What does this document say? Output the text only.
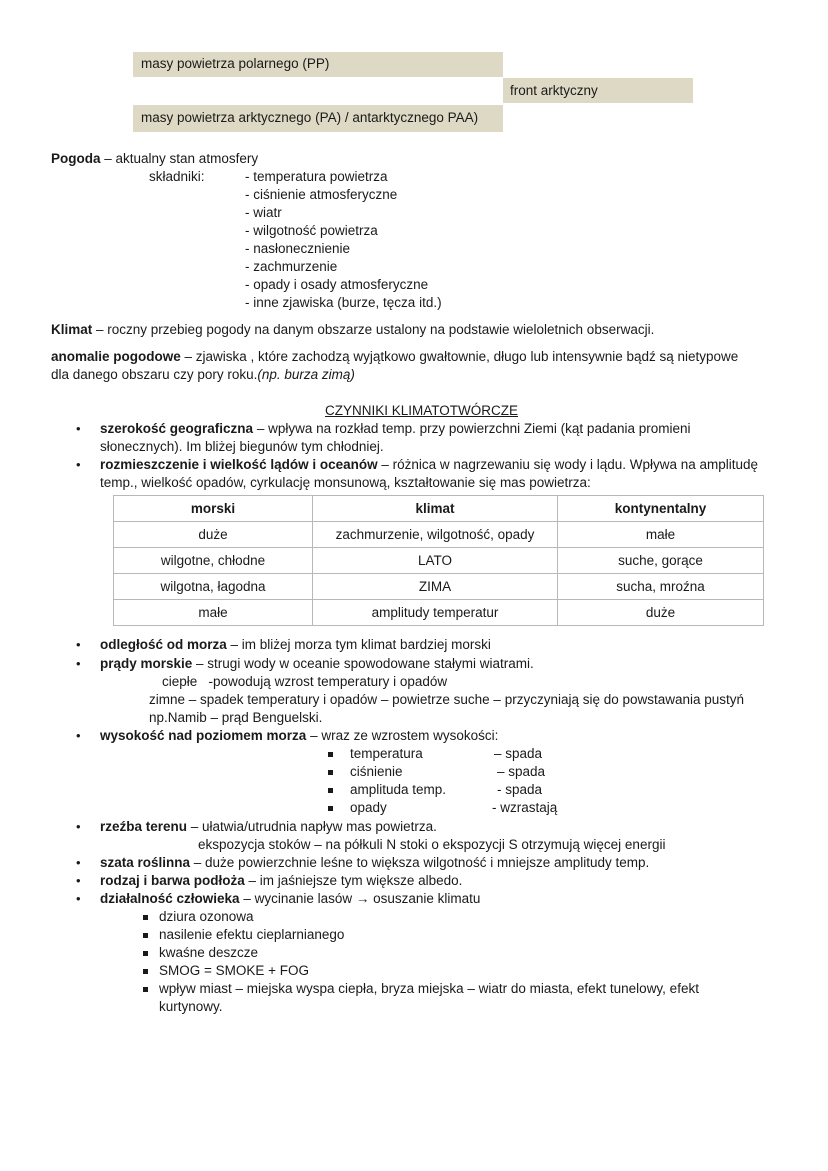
masy powietrza polarnego (PP)
front arktyczny
masy powietrza arktycznego (PA) / antarktycznego PAA)
Pogoda – aktualny stan atmosfery
składniki:	- temperatura powietrza
- ciśnienie atmosferyczne
- wiatr
- wilgotność powietrza
- nasłonecznienie
- zachmurzenie
- opady i osady atmosferyczne
- inne zjawiska (burze, tęcza itd.)
Klimat – roczny przebieg pogody na danym obszarze ustalony na podstawie wieloletnich obserwacji.
anomalie pogodowe – zjawiska , które zachodzą wyjątkowo gwałtownie, długo lub intensywnie bądź są nietypowe
dla danego obszaru czy pory roku.(np. burza zimą)
CZYNNIKI KLIMATOTWÓRCZE
• szerokość geograficzna – wpływa na rozkład temp. przy powierzchni Ziemi (kąt padania promieni
słonecznych). Im bliżej biegunów tym chłodniej.
• rozmieszczenie i wielkość lądów i oceanów – różnica w nagrzewaniu się wody i lądu. Wpływa na amplitudę
temp., wielkość opadów, cyrkulację monsunową, kształtowanie się mas powietrza:
morski	klimat	kontynentalny
duże	zachmurzenie, wilgotność, opady	małe
wilgotne, chłodne	LATO	suche, gorące
wilgotna, łagodna	ZIMA	sucha, mroźna
małe	amplitudy temperatur	duże
• odległość od morza – im bliżej morza tym klimat bardziej morski
• prądy morskie – strugi wody w oceanie spowodowane stałymi wiatrami.
ciepłe   -powodują wzrost temperatury i opadów
zimne – spadek temperatury i opadów – powietrze suche – przyczyniają się do powstawania pustyń
np.Namib – prąd Benguelski.
• wysokość nad poziomem morza – wraz ze wzrostem wysokości:
temperatura	– spada
ciśnienie	– spada
amplituda temp.	- spada
opady	- wzrastają
• rzeźba terenu – ułatwia/utrudnia napływ mas powietrza.
ekspozycja stoków – na półkuli N stoki o ekspozycji S otrzymują więcej energii
• szata roślinna – duże powierzchnie leśne to większa wilgotność i mniejsze amplitudy temp.
• rodzaj i barwa podłoża – im jaśniejsze tym większe albedo.
• działalność człowieka – wycinanie lasów → osuszanie klimatu
dziura ozonowa
nasilenie efektu cieplarnianego
kwaśne deszcze
SMOG = SMOKE + FOG
wpływ miast – miejska wyspa ciepła, bryza miejska – wiatr do miasta, efekt tunelowy, efekt
kurtynowy.
